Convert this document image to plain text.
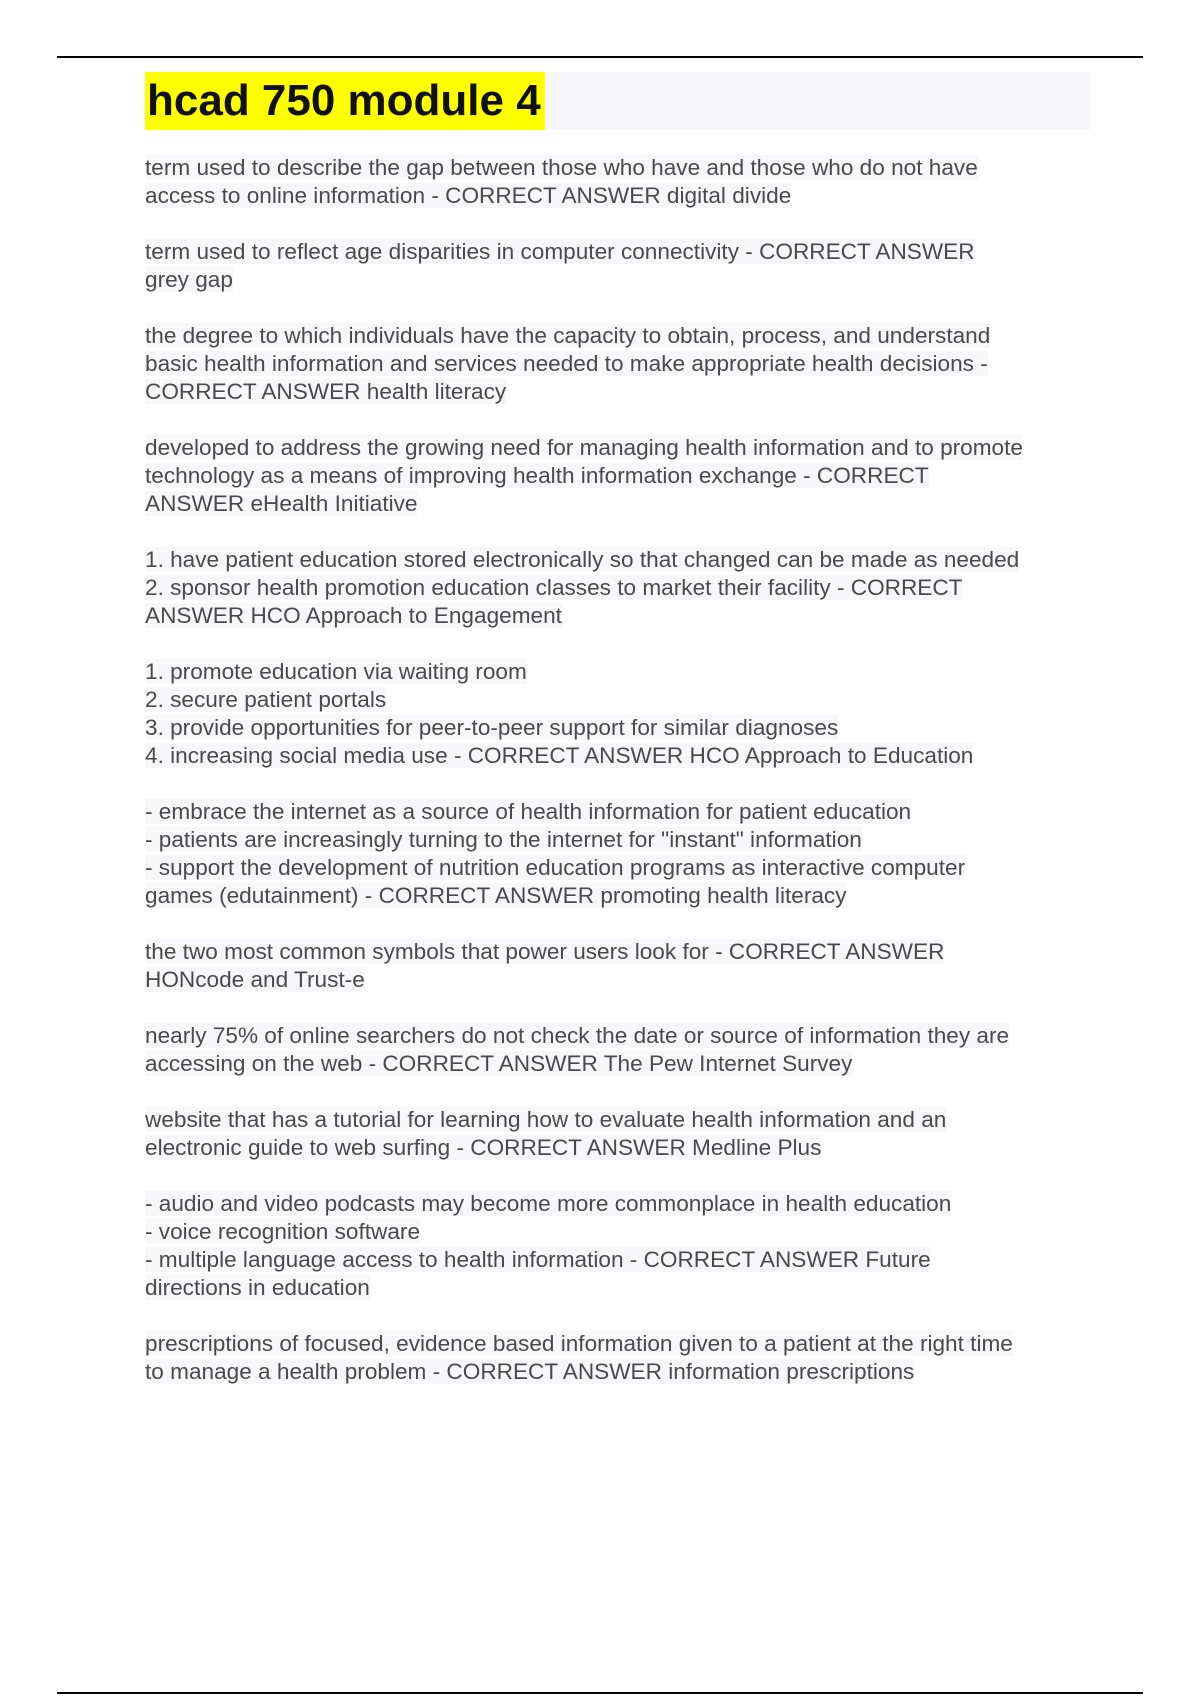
hcad 750 module 4

term used to describe the gap between those who have and those who do not have
access to online information - CORRECT ANSWER digital divide

term used to reflect age disparities in computer connectivity - CORRECT ANSWER
grey gap

the degree to which individuals have the capacity to obtain, process, and understand
basic health information and services needed to make appropriate health decisions -
CORRECT ANSWER health literacy

developed to address the growing need for managing health information and to promote
technology as a means of improving health information exchange - CORRECT
ANSWER eHealth Initiative

1. have patient education stored electronically so that changed can be made as needed
2. sponsor health promotion education classes to market their facility - CORRECT
ANSWER HCO Approach to Engagement

1. promote education via waiting room
2. secure patient portals
3. provide opportunities for peer-to-peer support for similar diagnoses
4. increasing social media use - CORRECT ANSWER HCO Approach to Education

- embrace the internet as a source of health information for patient education
- patients are increasingly turning to the internet for "instant" information
- support the development of nutrition education programs as interactive computer
games (edutainment) - CORRECT ANSWER promoting health literacy

the two most common symbols that power users look for - CORRECT ANSWER
HONcode and Trust-e

nearly 75% of online searchers do not check the date or source of information they are
accessing on the web - CORRECT ANSWER The Pew Internet Survey

website that has a tutorial for learning how to evaluate health information and an
electronic guide to web surfing - CORRECT ANSWER Medline Plus

- audio and video podcasts may become more commonplace in health education
- voice recognition software
- multiple language access to health information - CORRECT ANSWER Future
directions in education

prescriptions of focused, evidence based information given to a patient at the right time
to manage a health problem - CORRECT ANSWER information prescriptions
